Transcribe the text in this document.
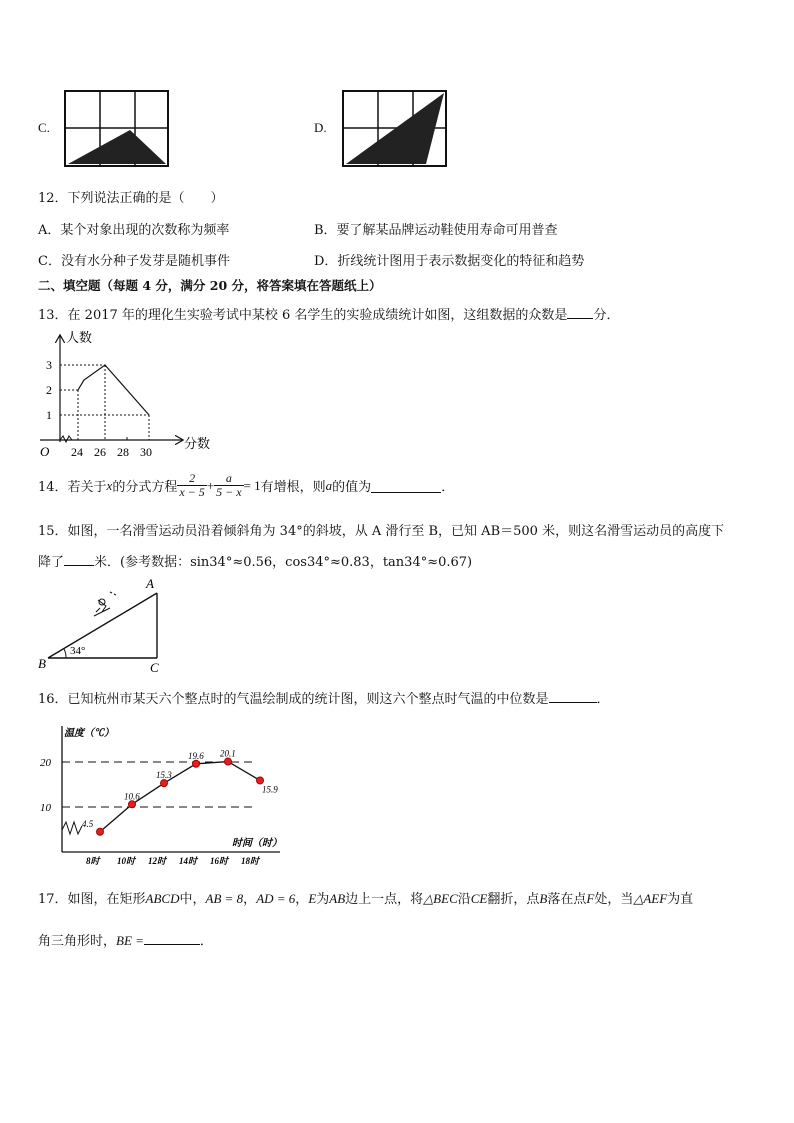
C.	D.
12．下列说法正确的是（　　）
A．某个对象出现的次数称为频率	B．要了解某品牌运动鞋使用寿命可用普查
C．没有水分种子发芽是随机事件	D．折线统计图用于表示数据变化的特征和趋势
二、填空题（每题 4 分，满分 20 分，将答案填在答题纸上）
13．在 2017 年的理化生实验考试中某校 6 名学生的实验成绩统计如图，这组数据的众数是 分．
人数
分数
O
1
2
3
24 26 28 30
14．若关于 x 的分式方程 $\frac{2}{x - 5} + \frac{a}{5 - x} = 1$ 有增根，则 a 的值为	．
15．如图，一名滑雪运动员沿着倾斜角为 34°的斜坡，从 A 滑行至 B，已知 AB＝500 米，则这名滑雪运动员的高度下
降了 米．(参考数据：sin34°≈0.56，cos34°≈0.83，tan34°≈0.67)
A
B	C
34°
16．已知杭州市某天六个整点时的气温绘制成的统计图，则这六个整点时气温的中位数是	．
温度（℃）
时间（时）
10
20
4.5
10.6
15.3
19.6 20.1
15.9
8时 10时 12时 14时 16时 18时
17．如图，在矩形ABCD中，AB = 8，AD = 6，E为AB边上一点，将△BEC沿CE翻折，点B落在点F处，当△AEF为直
角三角形时，BE =	．
